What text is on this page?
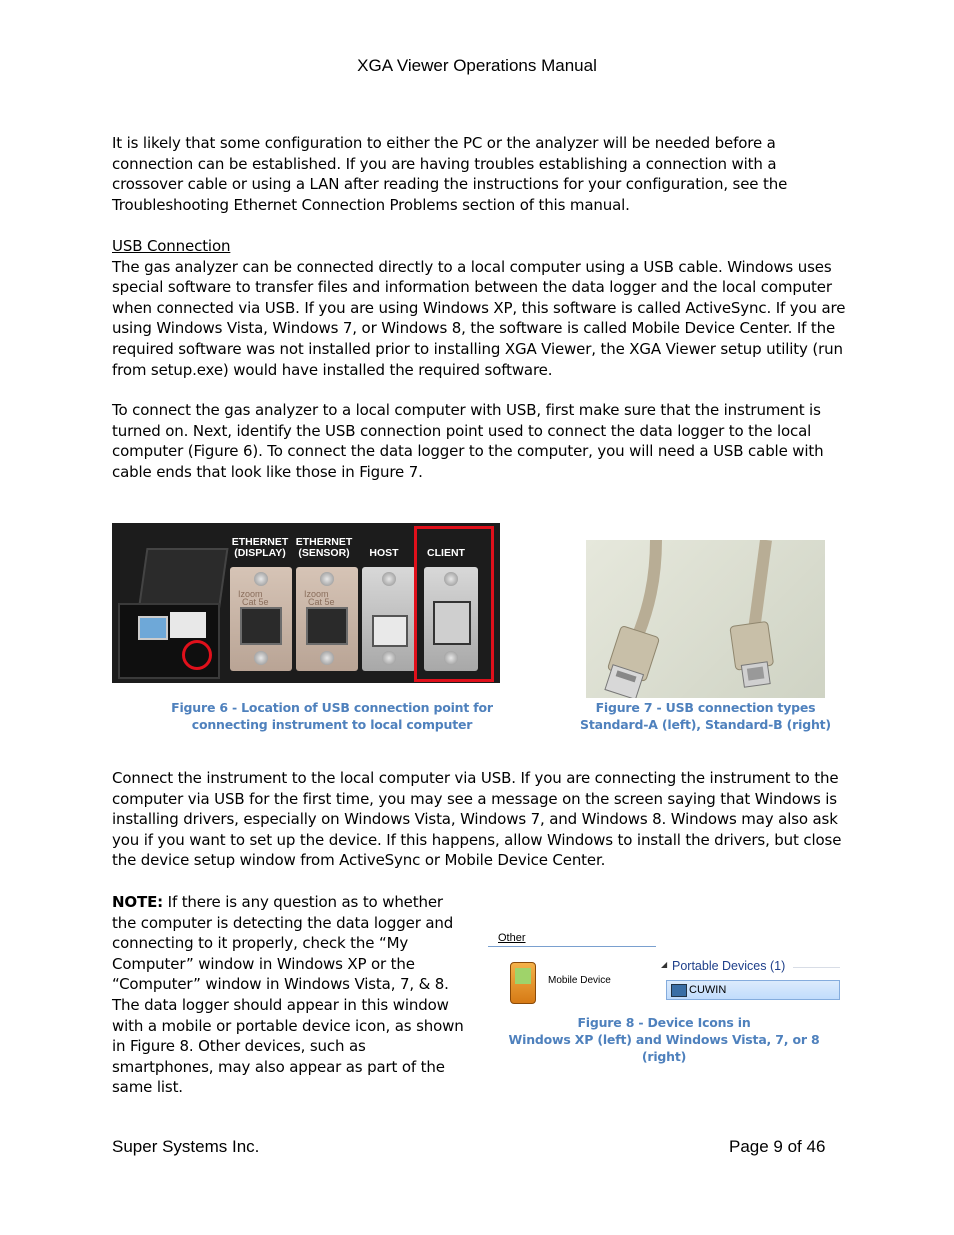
XGA Viewer Operations Manual

It is likely that some configuration to either the PC or the analyzer will be needed before a connection can be established. If you are having troubles establishing a connection with a crossover cable or using a LAN after reading the instructions for your configuration, see the Troubleshooting Ethernet Connection Problems section of this manual.

USB Connection

The gas analyzer can be connected directly to a local computer using a USB cable. Windows uses special software to transfer files and information between the data logger and the local computer when connected via USB. If you are using Windows XP, this software is called ActiveSync. If you are using Windows Vista, Windows 7, or Windows 8, the software is called Mobile Device Center. If the required software was not installed prior to installing XGA Viewer, the XGA Viewer setup utility (run from setup.exe) would have installed the required software.

To connect the gas analyzer to a local computer with USB, first make sure that the instrument is turned on. Next, identify the USB connection point used to connect the data logger to the local computer (Figure 6). To connect the data logger to the computer, you will need a USB cable with cable ends that look like those in Figure 7.

ETHERNET
(DISPLAY)
ETHERNET
(SENSOR)	HOST	CLIENT
Izoom
Cat 5e
Izoom
Cat 5e
Figure 6 - Location of USB connection point for
connecting instrument to local computer
Figure 7 - USB connection types
Standard-A (left), Standard-B (right)

Connect the instrument to the local computer via USB. If you are connecting the instrument to the computer via USB for the first time, you may see a message on the screen saying that Windows is installing drivers, especially on Windows Vista, Windows 7, and Windows 8. Windows may also ask you if you want to set up the device. If this happens, allow Windows to install the drivers, but close the device setup window from ActiveSync or Mobile Device Center.

NOTE: If there is any question as to whether the computer is detecting the data logger and connecting to it properly, check the “My Computer” window in Windows XP or the “Computer” window in Windows Vista, 7, & 8. The data logger should appear in this window with a mobile or portable device icon, as shown in Figure 8. Other devices, such as smartphones, may also appear as part of the same list.

Other
Mobile Device
◢ Portable Devices (1)
CUWIN
Figure 8 - Device Icons in
Windows XP (left) and Windows Vista, 7, or 8 (right)
Super Systems Inc.	Page 9 of 46
